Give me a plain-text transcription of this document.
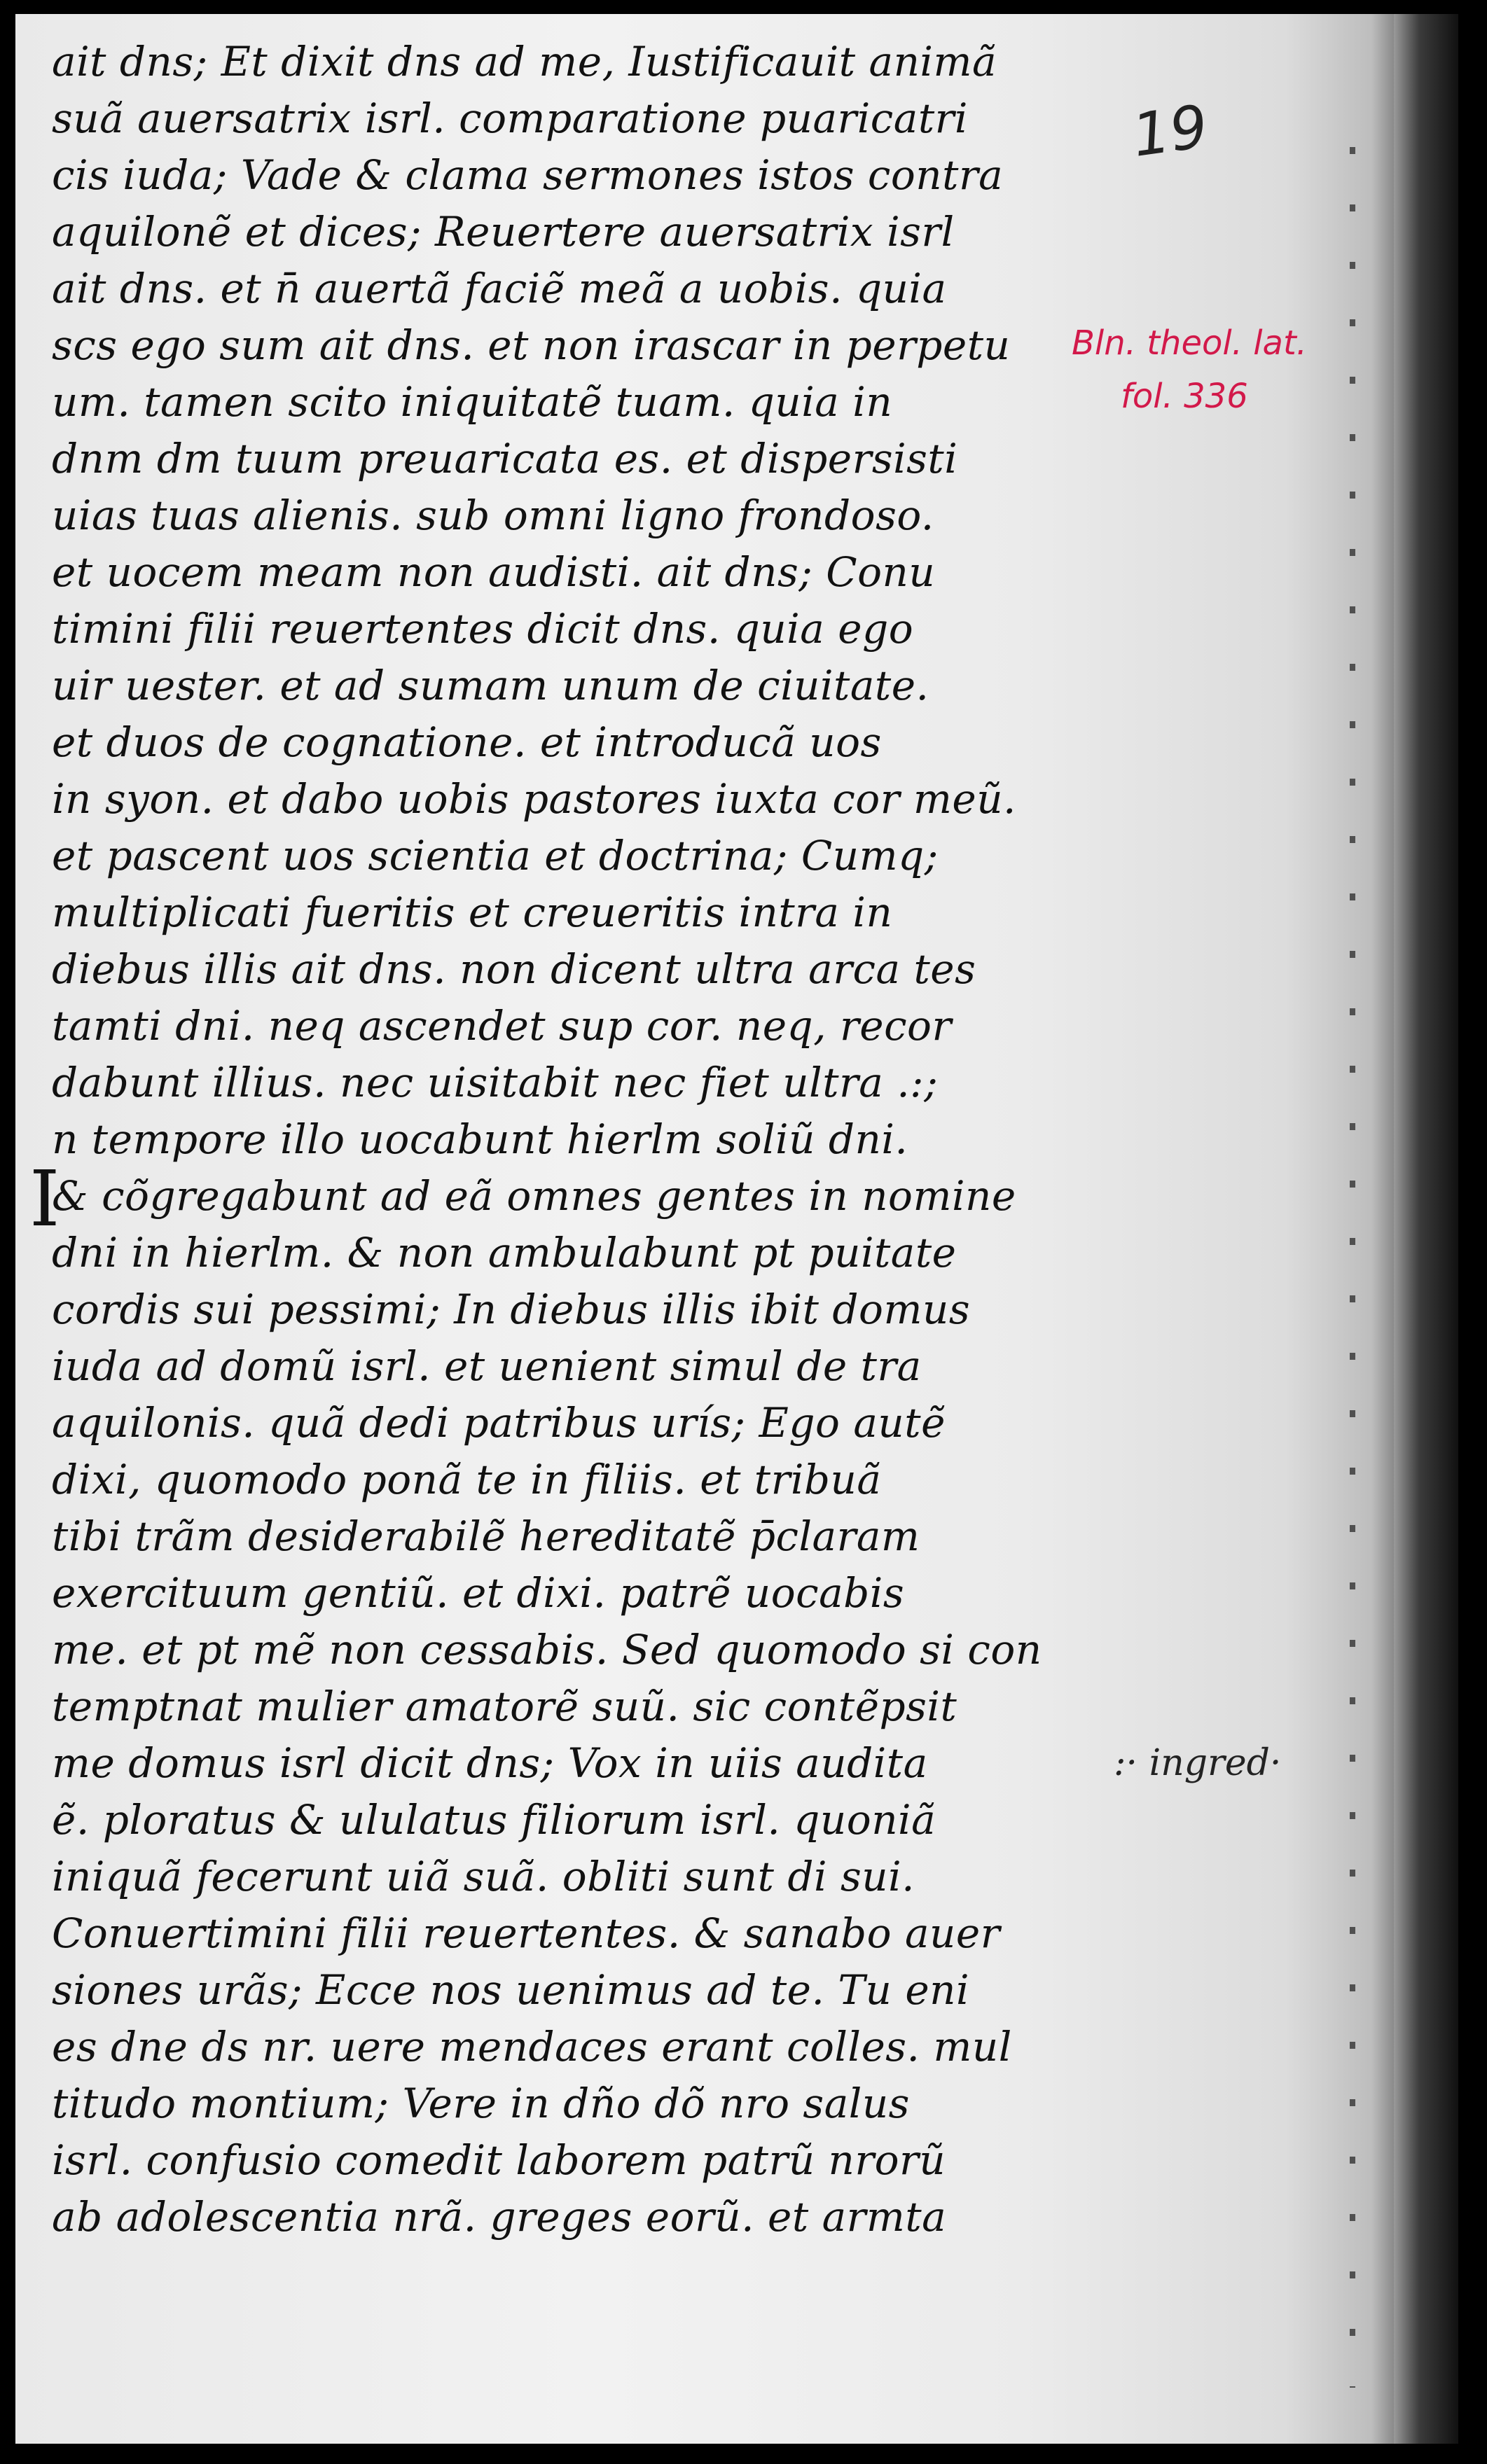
ait dns; Et dixit dns ad me, Iustificauit animã
suã auersatrix isrl. comparatione puaricatri
cis iuda; Vade & clama sermones istos contra
aquilonẽ et dices; Reuertere auersatrix isrl
ait dns. et n̄ auertã faciẽ meã a uobis. quia
scs ego sum ait dns. et non irascar in perpetu
um. tamen scito iniquitatẽ tuam. quia in
dnm dm tuum preuaricata es. et dispersisti
uias tuas alienis. sub omni ligno frondoso.
et uocem meam non audisti. ait dns; Conu
timini filii reuertentes dicit dns. quia ego
uir uester. et ad sumam unum de ciuitate.
et duos de cognatione. et introducã uos
in syon. et dabo uobis pastores iuxta cor meũ.
et pascent uos scientia et doctrina; Cumq;
multiplicati fueritis et creueritis intra in
diebus illis ait dns. non dicent ultra arca tes
tamti dni. neq ascendet sup cor. neq, recor
dabunt illius. nec uisitabit nec fiet ultra .:;
n tempore illo uocabunt hierlm soliũ dni.
& cõgregabunt ad eã omnes gentes in nomine
dni in hierlm. & non ambulabunt pt puitate
cordis sui pessimi; In diebus illis ibit domus
iuda ad domũ isrl. et uenient simul de tra
aquilonis. quã dedi patribus urís; Ego autẽ
dixi, quomodo ponã te in filiis. et tribuã
tibi trãm desiderabilẽ hereditatẽ p̄claram
exercituum gentiũ. et dixi. patrẽ uocabis
me. et pt mẽ non cessabis. Sed quomodo si con
temptnat mulier amatorẽ suũ. sic contẽpsit
me domus isrl dicit dns; Vox in uiis audita
ẽ. ploratus & ululatus filiorum isrl. quoniã
iniquã fecerunt uiã suã. obliti sunt di sui.
Conuertimini filii reuertentes. & sanabo auer
siones urãs; Ecce nos uenimus ad te. Tu eni
es dne ds nr. uere mendaces erant colles. mul
titudo montium; Vere in dño dõ nro salus
isrl. confusio comedit laborem patrũ nrorũ
ab adolescentia nrã. greges eorũ. et armta
I
19
Bln. theol. lat.
fol. 336
:· ingred·
